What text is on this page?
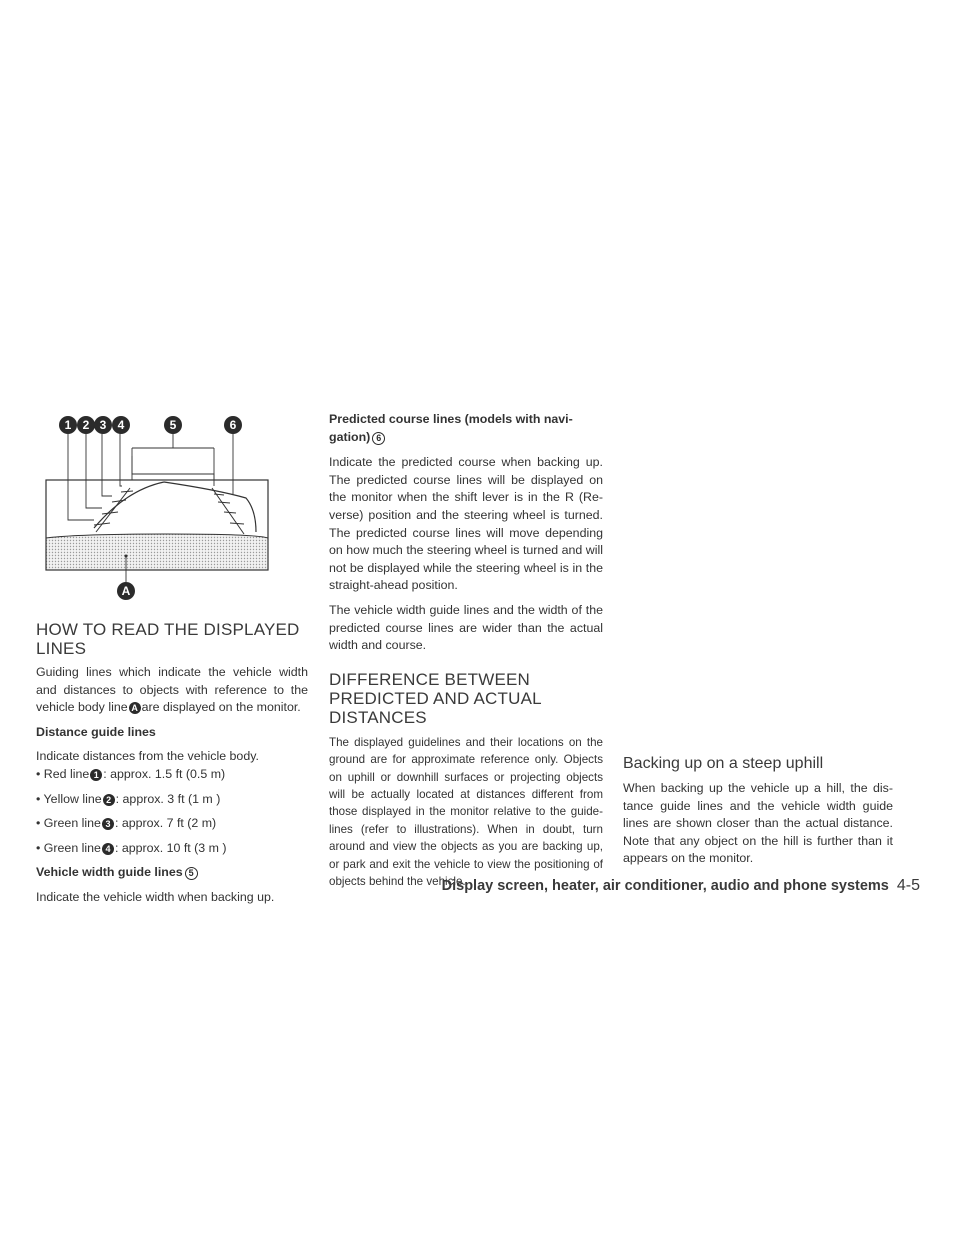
1 2 3 4	5	6
A
HOW TO READ THE DISPLAYED LINES

Guiding lines which indicate the vehicle width and distances to objects with reference to the vehicle body line A are displayed on the monitor.

Distance guide lines

Indicate distances from the vehicle body.

• Red line 1 : approx. 1.5 ft (0.5 m)

• Yellow line 2 : approx. 3 ft (1 m )

• Green line 3 : approx. 7 ft (2 m)

• Green line 4 : approx. 10 ft (3 m )

Vehicle width guide lines 5

Indicate the vehicle width when backing up.

Predicted course lines (models with navi-
gation) 6

Indicate the predicted course when backing up. The predicted course lines will be displayed on the monitor when the shift lever is in the R (Re- verse) position and the steering wheel is turned. The predicted course lines will move depending on how much the steering wheel is turned and will not be displayed while the steering wheel is in the straight-ahead position.

The vehicle width guide lines and the width of the predicted course lines are wider than the actual width and course.

DIFFERENCE BETWEEN
PREDICTED AND ACTUAL
DISTANCES

The displayed guidelines and their locations on the ground are for approximate reference only. Objects on uphill or downhill surfaces or projecting objects will be actually located at distances different from those displayed in the monitor relative to the guide- lines (refer to illustrations). When in doubt, turn around and view the objects as you are backing up, or park and exit the vehicle to view the positioning of objects behind the vehicle.

Backing up on a steep uphill

When backing up the vehicle up a hill, the dis- tance guide lines and the vehicle width guide lines are shown closer than the actual distance. Note that any object on the hill is further than it appears on the monitor.

Display screen, heater, air conditioner, audio and phone systems 4-5
